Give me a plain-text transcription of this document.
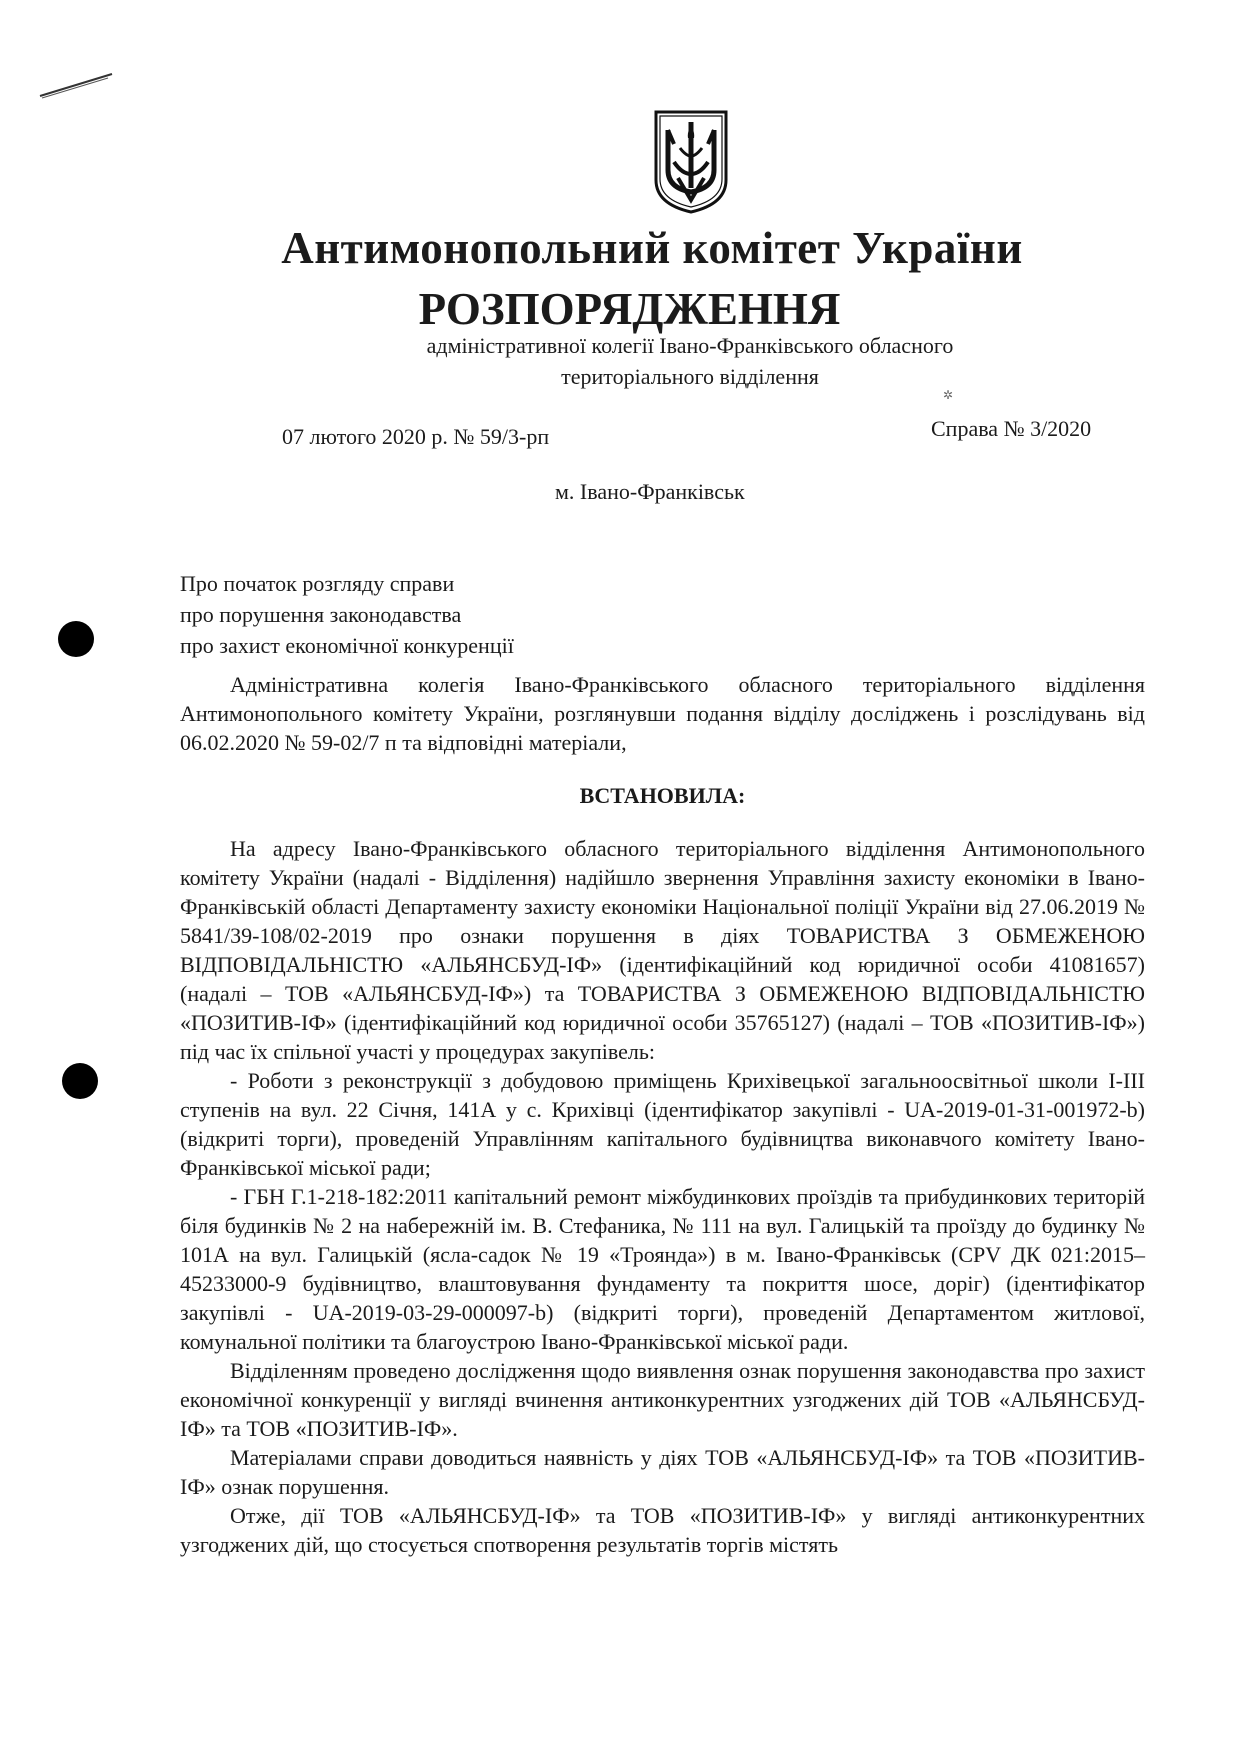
Антимонопольний комітет України
РОЗПОРЯДЖЕННЯ
адміністративної колегії Івано-Франківського обласного
територіального відділення
✲
07 лютого 2020 р. № 59/3-рп	Справа № 3/2020
м. Івано-Франківськ
Про початок розгляду справи
про порушення законодавства
про захист економічної конкуренції

Адміністративна колегія Івано-Франківського обласного територіального відділення Антимонопольного комітету України, розглянувши подання відділу досліджень і розслідувань від 06.02.2020 № 59-02/7 п та відповідні матеріали,

ВСТАНОВИЛА:

На адресу Івано-Франківського обласного територіального відділення Антимонопольного комітету України (надалі - Відділення) надійшло звернення Управління захисту економіки в Івано-Франківській області Департаменту захисту економіки Національної поліції України від 27.06.2019 № 5841/39-108/02-2019 про ознаки порушення в діях ТОВАРИСТВА З ОБМЕЖЕНОЮ ВІДПОВІДАЛЬНІСТЮ «АЛЬЯНСБУД-ІФ» (ідентифікаційний код юридичної особи 41081657) (надалі – ТОВ «АЛЬЯНСБУД-ІФ») та ТОВАРИСТВА З ОБМЕЖЕНОЮ ВІДПОВІДАЛЬНІСТЮ «ПОЗИТИВ-ІФ» (ідентифікаційний код юридичної особи 35765127) (надалі – ТОВ «ПОЗИТИВ-ІФ») під час їх спільної участі у процедурах закупівель:

- Роботи з реконструкції з добудовою приміщень Крихівецької загальноосвітньої школи І-ІІІ ступенів на вул. 22 Січня, 141А у с. Крихівці (ідентифікатор закупівлі - UA-2019-01-31-001972-b) (відкриті торги), проведеній Управлінням капітального будівництва виконавчого комітету Івано-Франківської міської ради;

- ГБН Г.1-218-182:2011 капітальний ремонт міжбудинкових проїздів та прибудинкових територій біля будинків № 2 на набережній ім. В. Стефаника, № 111 на вул. Галицькій та проїзду до будинку № 101А на вул. Галицькій (ясла-садок № 19 «Троянда») в м. Івано-Франківськ (CPV ДК 021:2015–45233000-9 будівництво, влаштовування фундаменту та покриття шосе, доріг) (ідентифікатор закупівлі - UA-2019-03-29-000097-b) (відкриті торги), проведеній Департаментом житлової, комунальної політики та благоустрою Івано-Франківської міської ради.

Відділенням проведено дослідження щодо виявлення ознак порушення законодавства про захист економічної конкуренції у вигляді вчинення антиконкурентних узгоджених дій ТОВ «АЛЬЯНСБУД-ІФ» та ТОВ «ПОЗИТИВ-ІФ».

Матеріалами справи доводиться наявність у діях ТОВ «АЛЬЯНСБУД-ІФ» та ТОВ «ПОЗИТИВ-ІФ» ознак порушення.

Отже, дії ТОВ «АЛЬЯНСБУД-ІФ» та ТОВ «ПОЗИТИВ-ІФ» у вигляді антиконкурентних узгоджених дій, що стосується спотворення результатів торгів містять
